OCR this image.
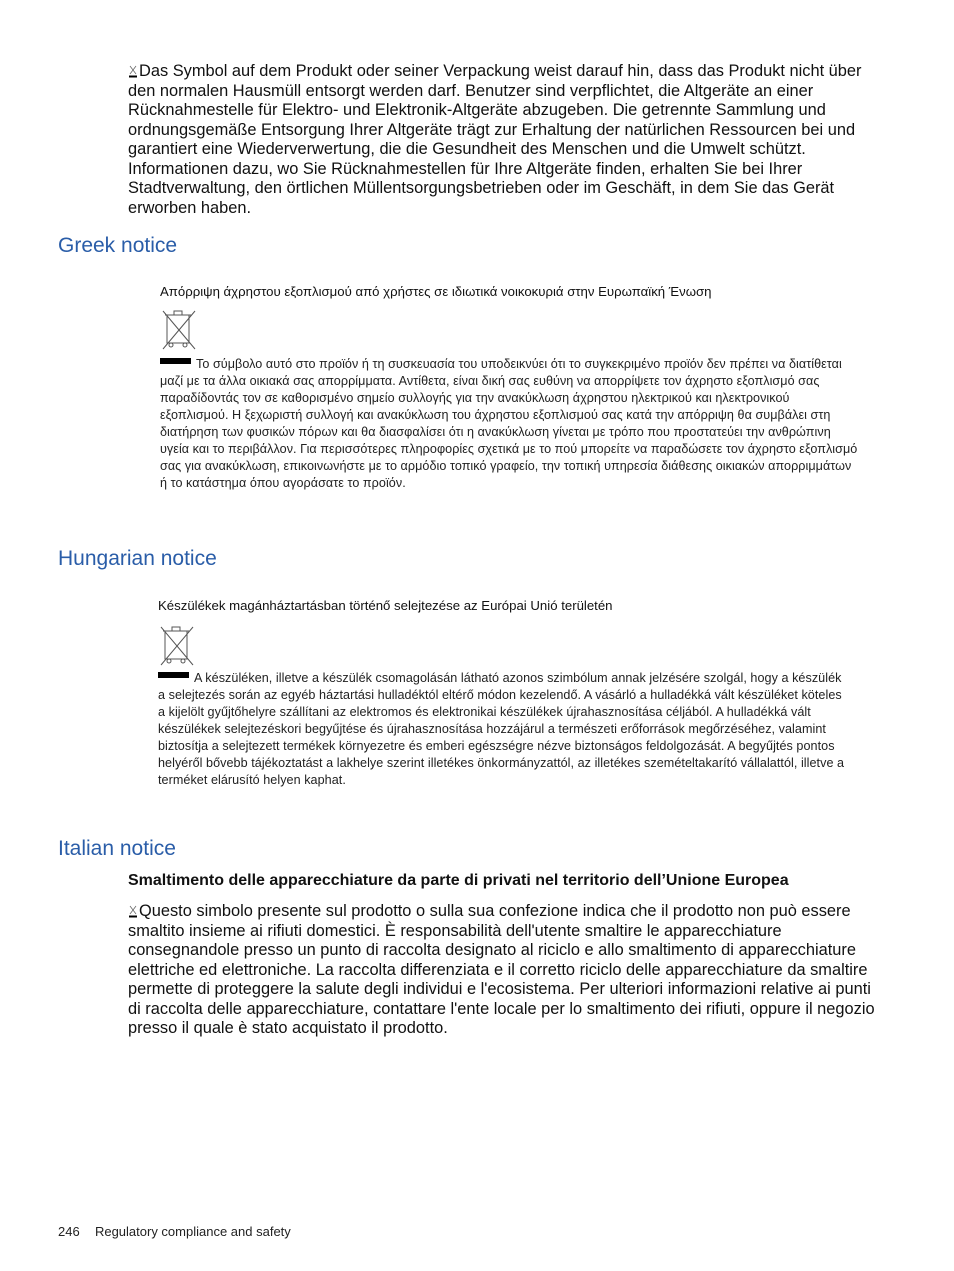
Das Symbol auf dem Produkt oder seiner Verpackung weist darauf hin, dass das Produkt nicht über den normalen Hausmüll entsorgt werden darf. Benutzer sind verpflichtet, die Altgeräte an einer Rücknahmestelle für Elektro- und Elektronik-Altgeräte abzugeben. Die getrennte Sammlung und ordnungsgemäße Entsorgung Ihrer Altgeräte trägt zur Erhaltung der natürlichen Ressourcen bei und garantiert eine Wiederverwertung, die die Gesundheit des Menschen und die Umwelt schützt. Informationen dazu, wo Sie Rücknahmestellen für Ihre Altgeräte finden, erhalten Sie bei Ihrer Stadtverwaltung, den örtlichen Müllentsorgungsbetrieben oder im Geschäft, in dem Sie das Gerät erworben haben.
Greek notice
Απόρριψη άχρηστου εξοπλισμού από χρήστες σε ιδιωτικά νοικοκυριά στην Ευρωπαϊκή Ένωση
Το σύμβολο αυτό στο προϊόν ή τη συσκευασία του υποδεικνύει ότι το συγκεκριμένο προϊόν δεν πρέπει να διατίθεται μαζί με τα άλλα οικιακά σας απορρίμματα. Αντίθετα, είναι δική σας ευθύνη να απορρίψετε τον άχρηστο εξοπλισμό σας παραδίδοντάς τον σε καθορισμένο σημείο συλλογής για την ανακύκλωση άχρηστου ηλεκτρικού και ηλεκτρονικού εξοπλισμού. Η ξεχωριστή συλλογή και ανακύκλωση του άχρηστου εξοπλισμού σας κατά την απόρριψη θα συμβάλει στη διατήρηση των φυσικών πόρων και θα διασφαλίσει ότι η ανακύκλωση γίνεται με τρόπο που προστατεύει την ανθρώπινη υγεία και το περιβάλλον. Για περισσότερες πληροφορίες σχετικά με το πού μπορείτε να παραδώσετε τον άχρηστο εξοπλισμό σας για ανακύκλωση, επικοινωνήστε με το αρμόδιο τοπικό γραφείο, την τοπική υπηρεσία διάθεσης οικιακών απορριμμάτων ή το κατάστημα όπου αγοράσατε το προϊόν.
Hungarian notice
Készülékek magánháztartásban történő selejtezése az Európai Unió területén
A készüléken, illetve a készülék csomagolásán látható azonos szimbólum annak jelzésére szolgál, hogy a készülék a selejtezés során az egyéb háztartási hulladéktól eltérő módon kezelendő. A vásárló a hulladékká vált készüléket köteles a kijelölt gyűjtőhelyre szállítani az elektromos és elektronikai készülékek újrahasznosítása céljából. A hulladékká vált készülékek selejtezéskori begyűjtése és újrahasznosítása hozzájárul a természeti erőforrások megőrzéséhez, valamint biztosítja a selejtezett termékek környezetre és emberi egészségre nézve biztonságos feldolgozását. A begyűjtés pontos helyéről bővebb tájékoztatást a lakhelye szerint illetékes önkormányzattól, az illetékes szemételtakarító vállalattól, illetve a terméket elárusító helyen kaphat.
Italian notice
Smaltimento delle apparecchiature da parte di privati nel territorio dell’Unione Europea
Questo simbolo presente sul prodotto o sulla sua confezione indica che il prodotto non può essere smaltito insieme ai rifiuti domestici. È responsabilità dell'utente smaltire le apparecchiature consegnandole presso un punto di raccolta designato al riciclo e allo smaltimento di apparecchiature elettriche ed elettroniche. La raccolta differenziata e il corretto riciclo delle apparecchiature da smaltire permette di proteggere la salute degli individui e l'ecosistema. Per ulteriori informazioni relative ai punti di raccolta delle apparecchiature, contattare l'ente locale per lo smaltimento dei rifiuti, oppure il negozio presso il quale è stato acquistato il prodotto.
246 Regulatory compliance and safety
